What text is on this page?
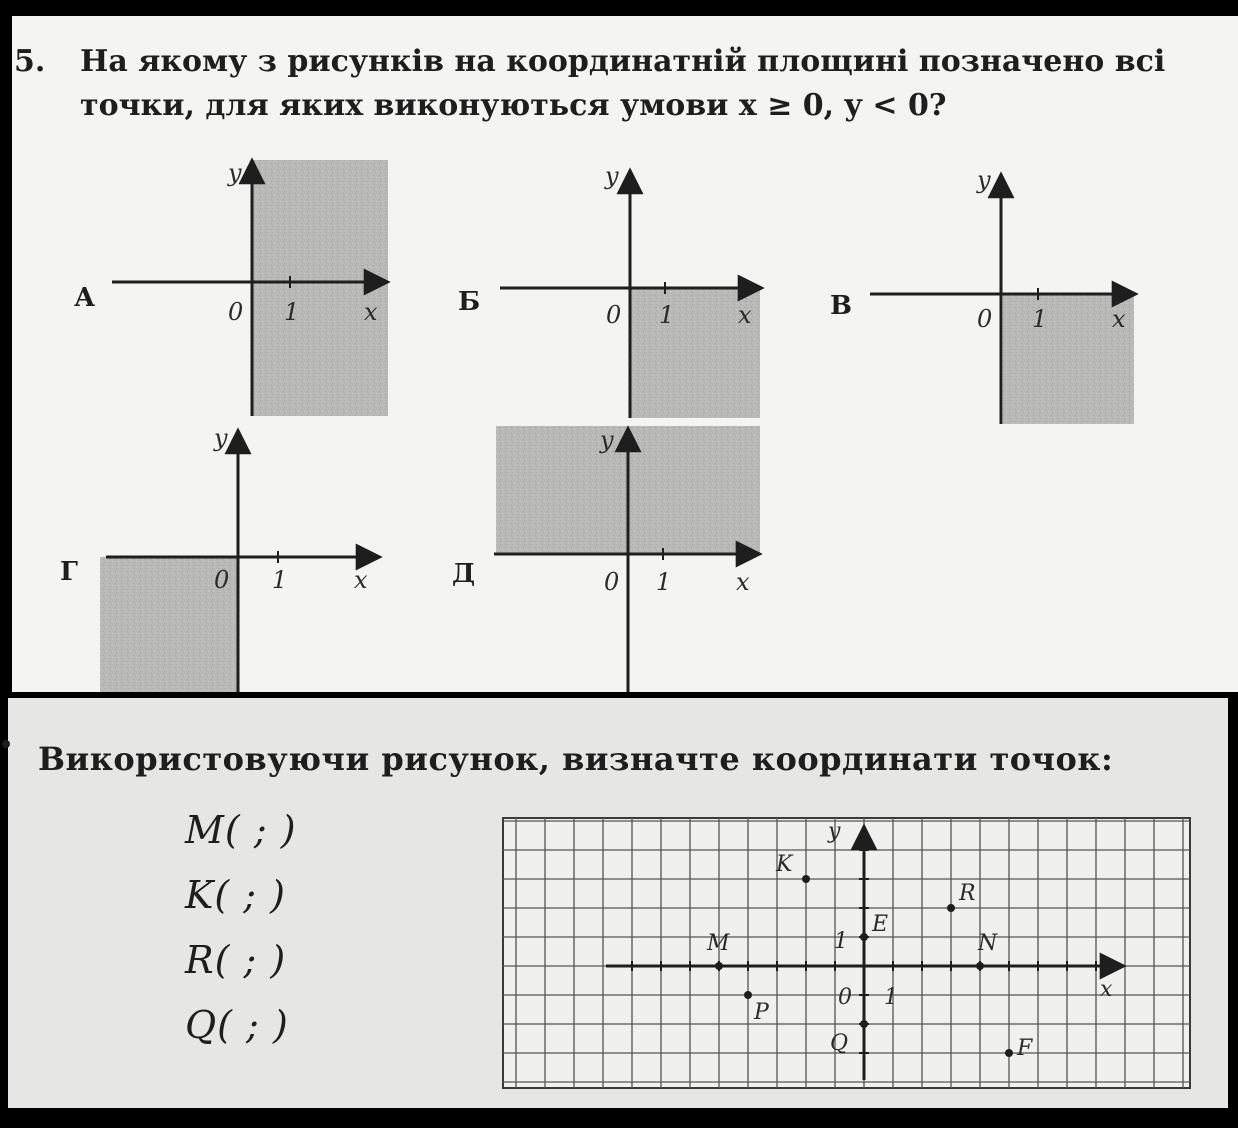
5. На якому з рисунків на координатній площині позначено всі точки, для яких виконуються умови x ≥ 0, y < 0?
А
y
0 1	x	Б
y
0 1	x	В
y
0 1	x
Г
y
0 1	x	Д
y
0 1	x
y
x
0 1
1
K
R
E
M	N
P
Q	F
Використовуючи рисунок, визначте координати точок:
M( ; )
K( ; )
R( ; )
Q( ; )
